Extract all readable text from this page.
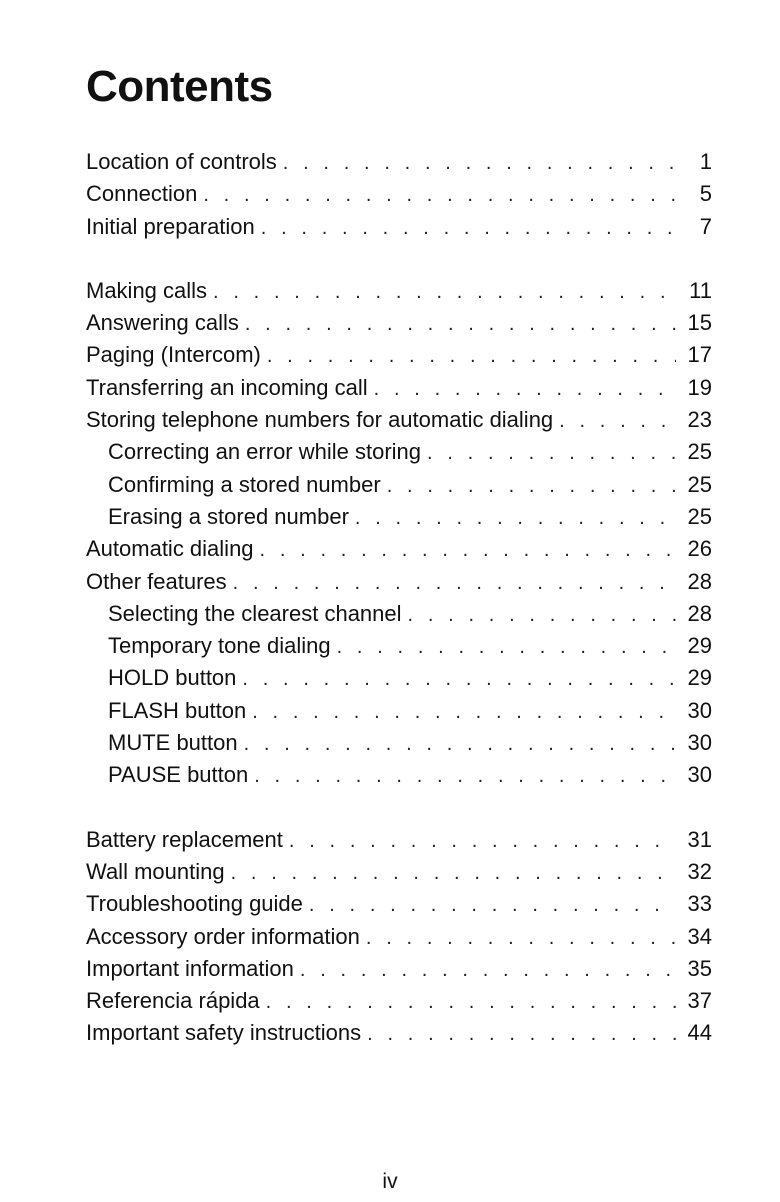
Contents
Location of controls . . .	1
Connection . . .	5
Initial preparation . . .	7
Making calls . . .	11
Answering calls . . .	15
Paging (Intercom) . . .	17
Transferring an incoming call . . .	19
Storing telephone numbers for automatic dialing . . .	23
Correcting an error while storing . . .	25
Confirming a stored number . . .	25
Erasing a stored number . . .	25
Automatic dialing . . .	26
Other features . . .	28
Selecting the clearest channel . . .	28
Temporary tone dialing . . .	29
HOLD button . . .	29
FLASH button . . .	30
MUTE button . . .	30
PAUSE button . . .	30
Battery replacement . . .	31
Wall mounting . . .	32
Troubleshooting guide . . .	33
Accessory order information . . .	34
Important information . . .	35
Referencia rápida . . .	37
Important safety instructions . . .	44
iv
